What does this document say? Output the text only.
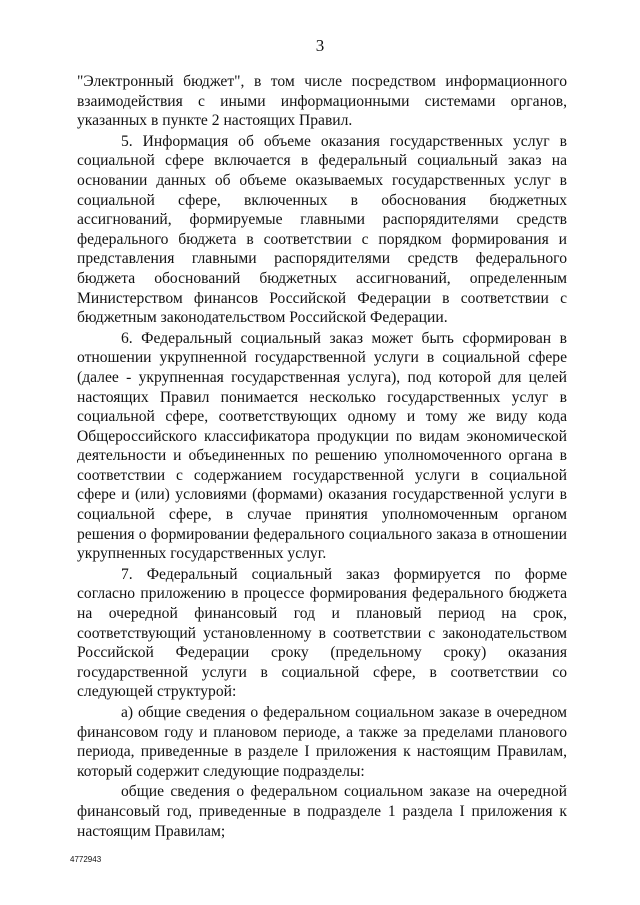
3

"Электронный бюджет", в том числе посредством информационного взаимодействия с иными информационными системами органов, указанных в пункте 2 настоящих Правил.

5. Информация об объеме оказания государственных услуг в социальной сфере включается в федеральный социальный заказ на основании данных об объеме оказываемых государственных услуг в социальной сфере, включенных в обоснования бюджетных ассигнований, формируемые главными распорядителями средств федерального бюджета в соответствии с порядком формирования и представления главными распорядителями средств федерального бюджета обоснований бюджетных ассигнований, определенным Министерством финансов Российской Федерации в соответствии с бюджетным законодательством Российской Федерации.

6. Федеральный социальный заказ может быть сформирован в отношении укрупненной государственной услуги в социальной сфере (далее - укрупненная государственная услуга), под которой для целей настоящих Правил понимается несколько государственных услуг в социальной сфере, соответствующих одному и тому же виду кода Общероссийского классификатора продукции по видам экономической деятельности и объединенных по решению уполномоченного органа в соответствии с содержанием государственной услуги в социальной сфере и (или) условиями (формами) оказания государственной услуги в социальной сфере, в случае принятия уполномоченным органом решения о формировании федерального социального заказа в отношении укрупненных государственных услуг.

7. Федеральный социальный заказ формируется по форме согласно приложению в процессе формирования федерального бюджета на очередной финансовый год и плановый период на срок, соответствующий установленному в соответствии с законодательством Российской Федерации сроку (предельному сроку) оказания государственной услуги в социальной сфере, в соответствии со следующей структурой:

а) общие сведения о федеральном социальном заказе в очередном финансовом году и плановом периоде, а также за пределами планового периода, приведенные в разделе I приложения к настоящим Правилам, который содержит следующие подразделы:

общие сведения о федеральном социальном заказе на очередной финансовый год, приведенные в подразделе 1 раздела I приложения к настоящим Правилам;

4772943
